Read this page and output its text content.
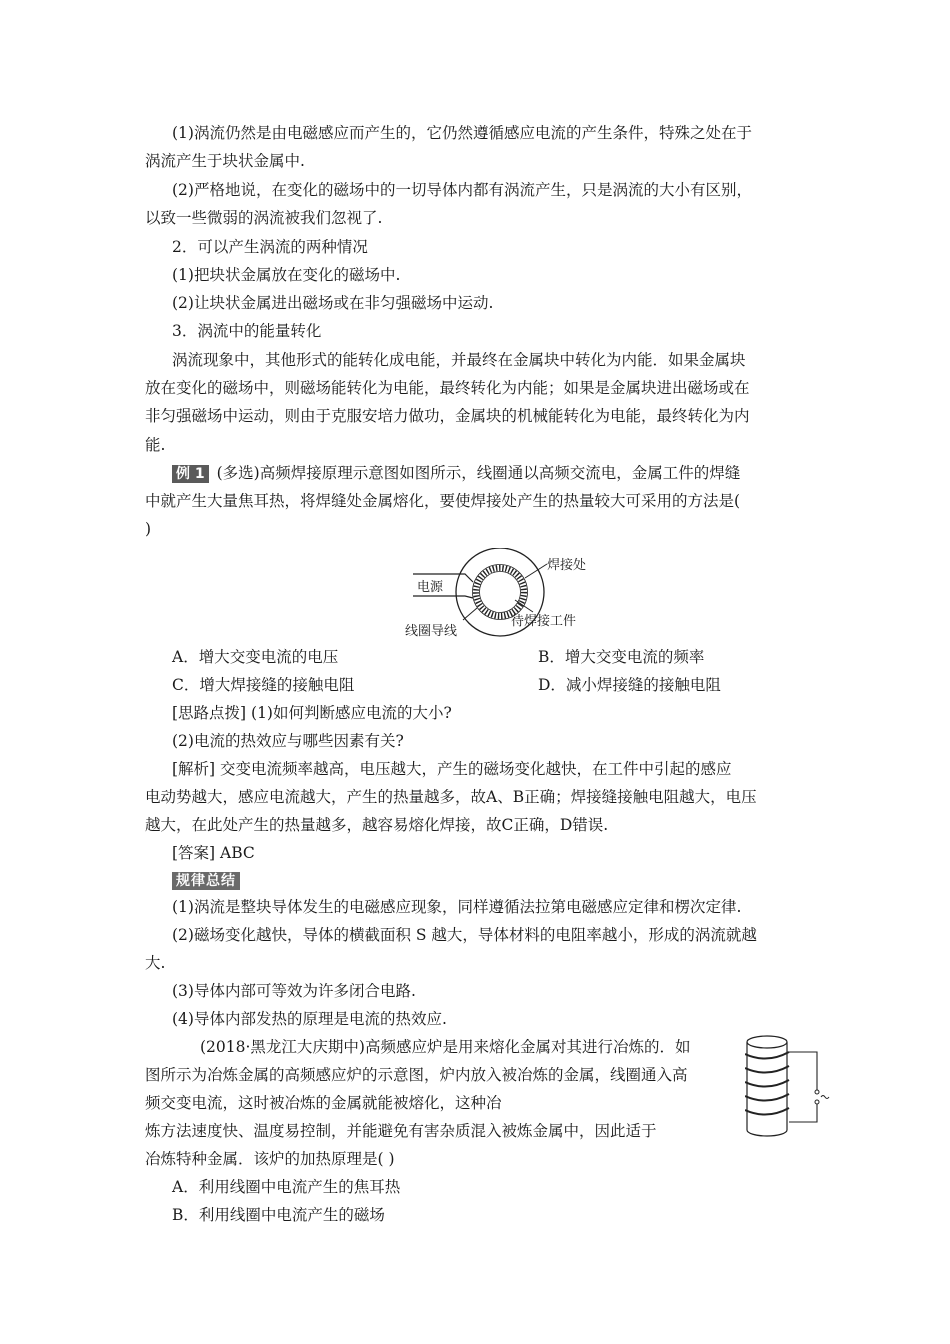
(1)涡流仍然是由电磁感应而产生的，它仍然遵循感应电流的产生条件，特殊之处在于
涡流产生于块状金属中.
(2)严格地说，在变化的磁场中的一切导体内都有涡流产生，只是涡流的大小有区别，
以致一些微弱的涡流被我们忽视了.
2．可以产生涡流的两种情况
(1)把块状金属放在变化的磁场中.
(2)让块状金属进出磁场或在非匀强磁场中运动.
3．涡流中的能量转化
涡流现象中，其他形式的能转化成电能，并最终在金属块中转化为内能．如果金属块
放在变化的磁场中，则磁场能转化为电能，最终转化为内能；如果是金属块进出磁场或在
非匀强磁场中运动，则由于克服安培力做功，金属块的机械能转化为电能，最终转化为内
能.
例 1 (多选)高频焊接原理示意图如图所示，线圈通以高频交流电，金属工件的焊缝
中就产生大量焦耳热，将焊缝处金属熔化，要使焊接处产生的热量较大可采用的方法是(
)
电源
焊接处
线圈导线
待焊接工件
A．增大交变电流的电压	B．增大交变电流的频率
C．增大焊接缝的接触电阻	D．减小焊接缝的接触电阻
[思路点拨] (1)如何判断感应电流的大小?
(2)电流的热效应与哪些因素有关?
[解析] 交变电流频率越高，电压越大，产生的磁场变化越快，在工件中引起的感应
电动势越大，感应电流越大，产生的热量越多，故A、B正确；焊接缝接触电阻越大，电压
越大，在此处产生的热量越多，越容易熔化焊接，故C正确，D错误.
[答案] ABC
规律总结
(1)涡流是整块导体发生的电磁感应现象，同样遵循法拉第电磁感应定律和楞次定律.
(2)磁场变化越快，导体的横截面积 S 越大，导体材料的电阻率越小，形成的涡流就越
大.
(3)导体内部可等效为许多闭合电路.
(4)导体内部发热的原理是电流的热效应.
(2018·黑龙江大庆期中)高频感应炉是用来熔化金属对其进行冶炼的．如
图所示为冶炼金属的高频感应炉的示意图，炉内放入被冶炼的金属，线圈通入高
频交变电流，这时被冶炼的金属就能被熔化，这种冶
炼方法速度快、温度易控制，并能避免有害杂质混入被炼金属中，因此适于
冶炼特种金属．该炉的加热原理是( )
A．利用线圈中电流产生的焦耳热
B．利用线圈中电流产生的磁场
